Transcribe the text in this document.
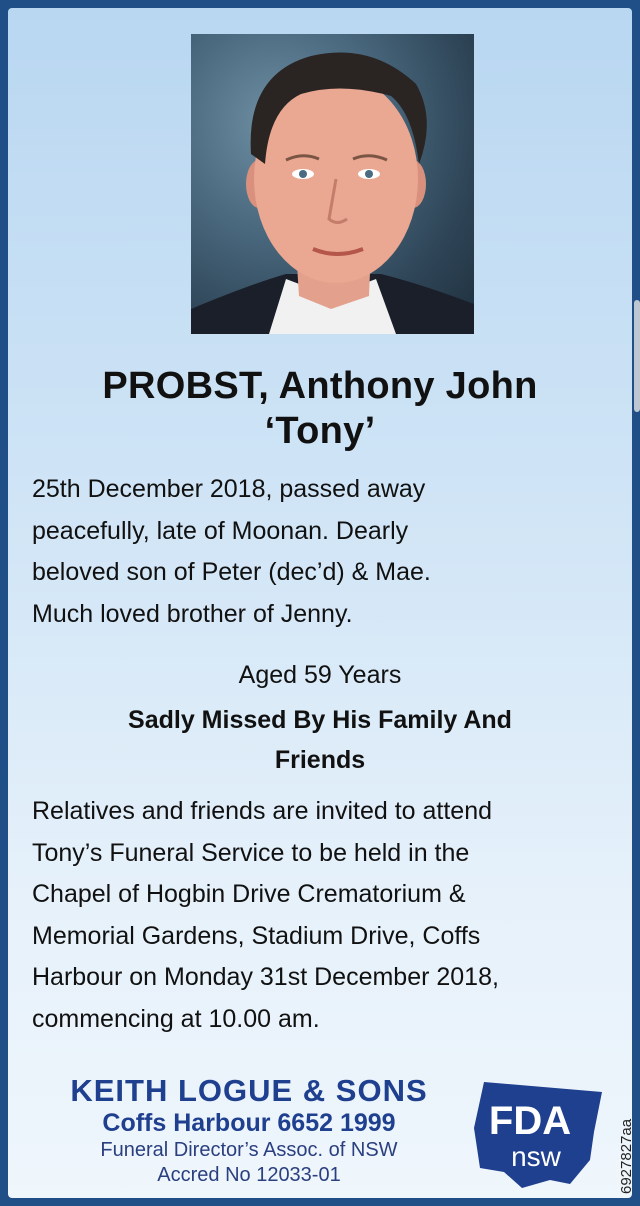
PROBST, Anthony John
‘Tony’
25th December 2018, passed away
peacefully, late of Moonan. Dearly
beloved son of Peter (dec’d) & Mae.
Much loved brother of Jenny.
Aged 59 Years
Sadly Missed By His Family And
Friends
Relatives and friends are invited to attend
Tony’s Funeral Service to be held in the
Chapel of Hogbin Drive Crematorium &
Memorial Gardens, Stadium Drive, Coffs
Harbour on Monday 31st December 2018,
commencing at 10.00 am.
KEITH LOGUE & SONS
Coffs Harbour 6652 1999
Funeral Director’s Assoc. of NSW
Accred No 12033-01
FDA
nsw	6927827aa
